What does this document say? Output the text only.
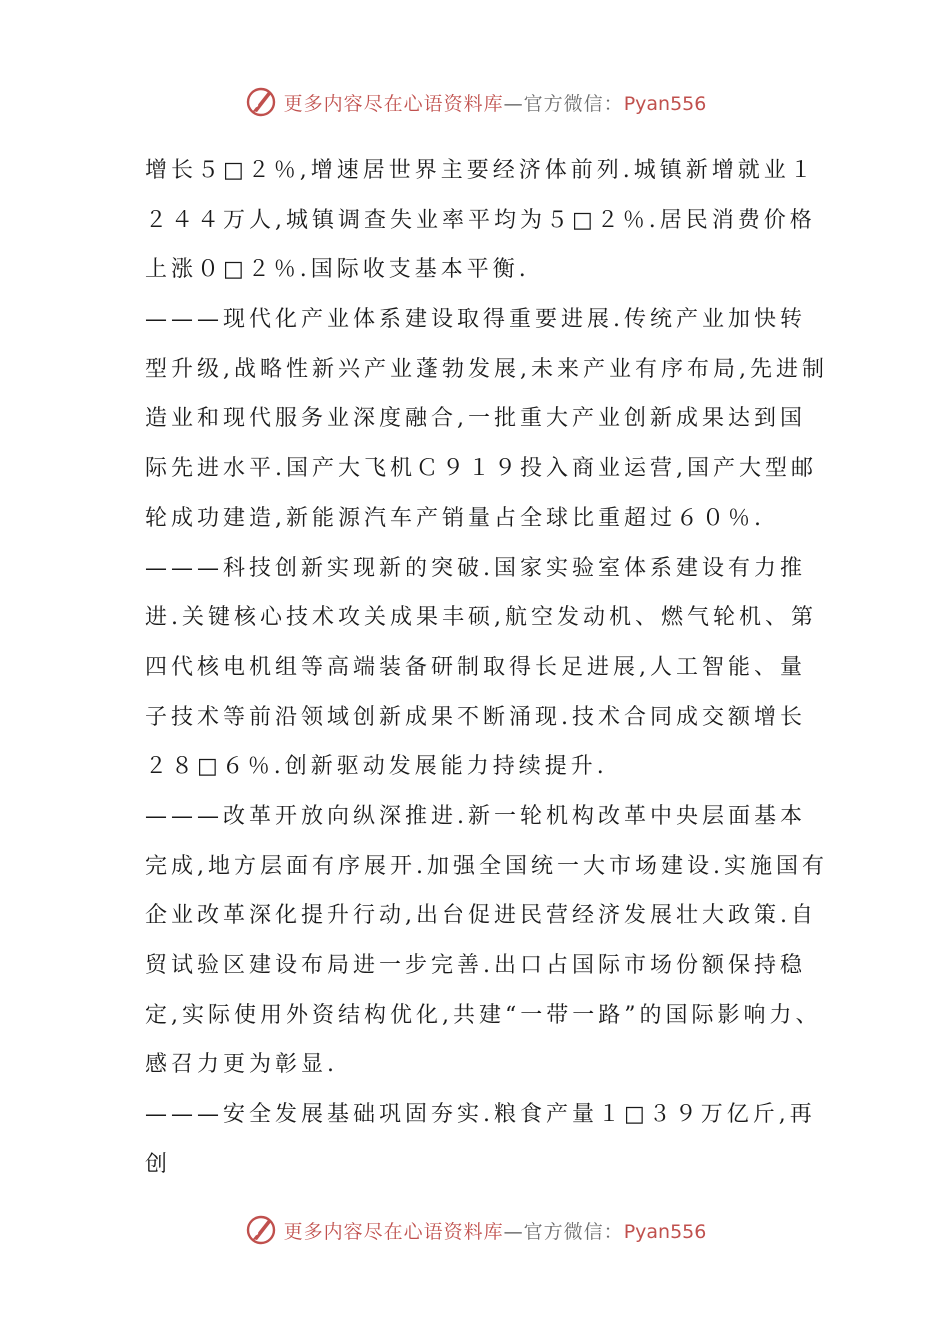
更多内容尽在心语资料库—官方微信：Pyan556
增长５□２％,增速居世界主要经济体前列.城镇新增就业１
２４４万人,城镇调查失业率平均为５□２％.居民消费价格
上涨０□２％.国际收支基本平衡.
———现代化产业体系建设取得重要进展.传统产业加快转
型升级,战略性新兴产业蓬勃发展,未来产业有序布局,先进制
造业和现代服务业深度融合,一批重大产业创新成果达到国
际先进水平.国产大飞机Ｃ９１９投入商业运营,国产大型邮
轮成功建造,新能源汽车产销量占全球比重超过６０％.
———科技创新实现新的突破.国家实验室体系建设有力推
进.关键核心技术攻关成果丰硕,航空发动机、燃气轮机、第
四代核电机组等高端装备研制取得长足进展,人工智能、量
子技术等前沿领域创新成果不断涌现.技术合同成交额增长
２８□６％.创新驱动发展能力持续提升.
———改革开放向纵深推进.新一轮机构改革中央层面基本
完成,地方层面有序展开.加强全国统一大市场建设.实施国有
企业改革深化提升行动,出台促进民营经济发展壮大政策.自
贸试验区建设布局进一步完善.出口占国际市场份额保持稳
定,实际使用外资结构优化,共建“一带一路”的国际影响力、
感召力更为彰显.
———安全发展基础巩固夯实.粮食产量１□３９万亿斤,再
创
更多内容尽在心语资料库—官方微信：Pyan556
